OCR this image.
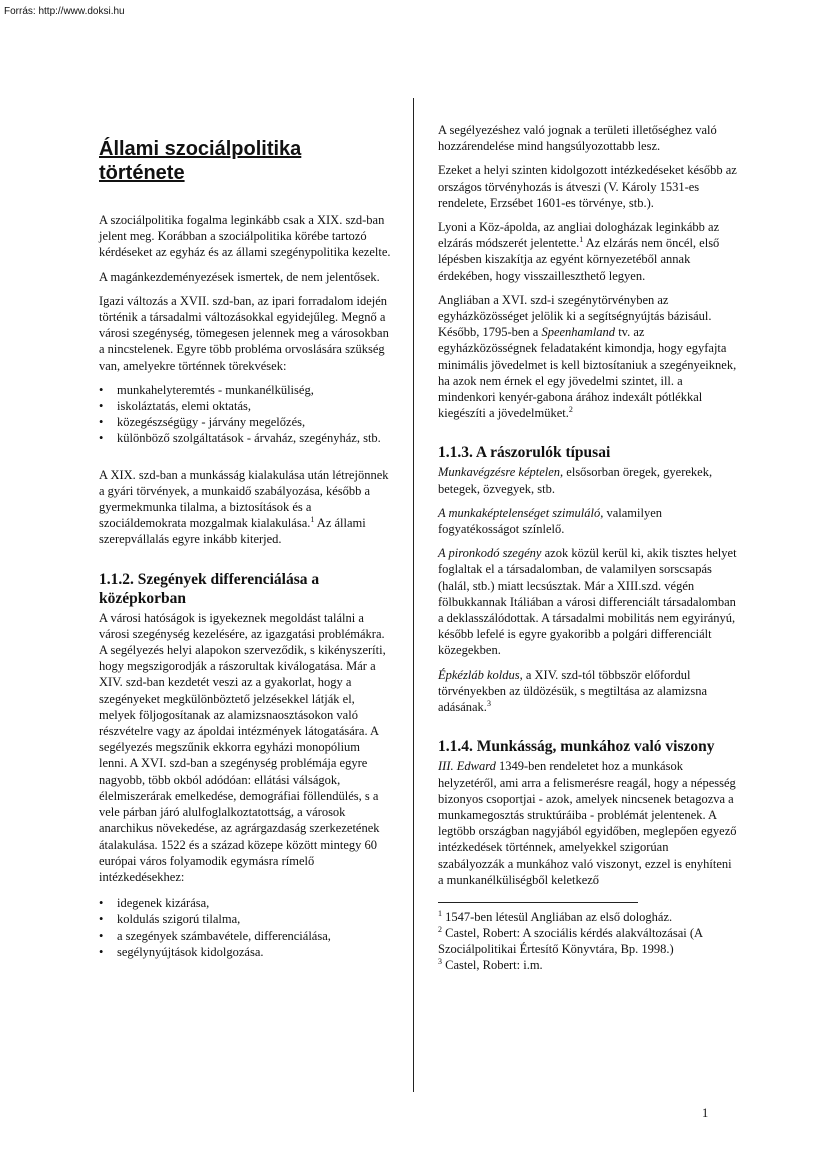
Forrás: http://www.doksi.hu
Állami szociálpolitika története

A szociálpolitika fogalma leginkább csak a XIX. szd-ban jelent meg. Korábban a szociálpolitika körébe tartozó kérdéseket az egyház és az állami szegénypolitika kezelte.

A magánkezdeményezések ismertek, de nem jelentősek.

Igazi változás a XVII. szd-ban, az ipari forradalom idején történik a társadalmi változásokkal egyidejűleg. Megnő a városi szegénység, tömegesen jelennek meg a városokban a nincstelenek. Egyre több probléma orvoslására szükség van, amelyekre történnek törekvések:

• munkahelyteremtés - munkanélküliség,
• iskoláztatás, elemi oktatás,
• közegészségügy - járvány megelőzés,
• különböző szolgáltatások - árvaház, szegényház, stb.

A XIX. szd-ban a munkásság kialakulása után létrejönnek a gyári törvények, a munkaidő szabályozása, később a gyermekmunka tilalma, a biztosítások és a szociáldemokrata mozgalmak kialakulása.$^1$ Az állami szerepvállalás egyre inkább kiterjed.

1.1.2. Szegények differenciálása a középkorban

A városi hatóságok is igyekeznek megoldást találni a városi szegénység kezelésére, az igazgatási problémákra. A segélyezés helyi alapokon szerveződik, s kikényszeríti, hogy megszigorodják a rászorultak kiválogatása. Már a XIV. szd-ban kezdetét veszi az a gyakorlat, hogy a szegényeket megkülönböztető jelzésekkel látják el, melyek följogosítanak az alamizsnaosztásokon való részvételre vagy az ápoldai intézmények látogatására. A segélyezés megszűnik ekkorra egyházi monopólium lenni. A XVI. szd-ban a szegénység problémája egyre nagyobb, több okból adódóan: ellátási válságok, élelmiszerárak emelkedése, demográfiai föllendülés, s a vele párban járó alulfoglalkoztatottság, a városok anarchikus növekedése, az agrárgazdaság szerkezetének átalakulása. 1522 és a század közepe között mintegy 60 európai város folyamodik egymásra rímelő intézkedésekhez:

• idegenek kizárása,
• koldulás szigorú tilalma,
• a szegények számbavétele, differenciálása,
• segélynyújtások kidolgozása.

A segélyezéshez való jognak a területi illetőséghez való hozzárendelése mind hangsúlyozottabb lesz.

Ezeket a helyi szinten kidolgozott intézkedéseket később az országos törvényhozás is átveszi (V. Károly 1531-es rendelete, Erzsébet 1601-es törvénye, stb.).

Lyoni a Köz-ápolda, az angliai dologházak leginkább az elzárás módszerét jelentette.$^1$ Az elzárás nem öncél, első lépésben kiszakítja az egyént környezetéből annak érdekében, hogy visszailleszthető legyen.

Angliában a XVI. szd-i szegénytörvényben az egyházközösséget jelölik ki a segítségnyújtás bázisául. Később, 1795-ben a Speenhamland tv. az egyházközösségnek feladataként kimondja, hogy egyfajta minimális jövedelmet is kell biztosítaniuk a szegényeiknek, ha azok nem érnek el egy jövedelmi szintet, ill. a mindenkori kenyér-gabona árához indexált pótlékkal kiegészíti a jövedelmüket.$^2$

1.1.3. A rászorulók típusai

Munkavégzésre képtelen, elsősorban öregek, gyerekek, betegek, özvegyek, stb.

A munkaképtelenséget szimuláló, valamilyen fogyatékosságot színlelő.

A pironkodó szegény azok közül kerül ki, akik tisztes helyet foglaltak el a társadalomban, de valamilyen sorscsapás (halál, stb.) miatt lecsúsztak. Már a XIII.szd. végén fölbukkannak Itáliában a városi differenciált társadalomban a deklasszálódottak. A társadalmi mobilitás nem egyirányú, később lefelé is egyre gyakoribb a polgári differenciált közegekben.

Épkézláb koldus, a XIV. szd-tól többször előfordul törvényekben az üldözésük, s megtiltása az alamizsna adásának.$^3$

1.1.4. Munkásság, munkához való viszony

III. Edward 1349-ben rendeletet hoz a munkások helyzetéről, ami arra a felismerésre reagál, hogy a népesség bizonyos csoportjai - azok, amelyek nincsenek betagozva a munkamegosztás struktúráiba - problémát jelentenek. A legtöbb országban nagyjából egyidőben, meglepően egyező intézkedések történnek, amelyekkel szigorúan szabályozzák a munkához való viszonyt, ezzel is enyhíteni a munkanélküliségből keletkező

$^1$ 1547-ben létesül Angliában az első dologház.
$^2$ Castel, Robert: A szociális kérdés alakváltozásai (A Szociálpolitikai Értesítő Könyvtára, Bp. 1998.)
$^3$ Castel, Robert: i.m.
1
